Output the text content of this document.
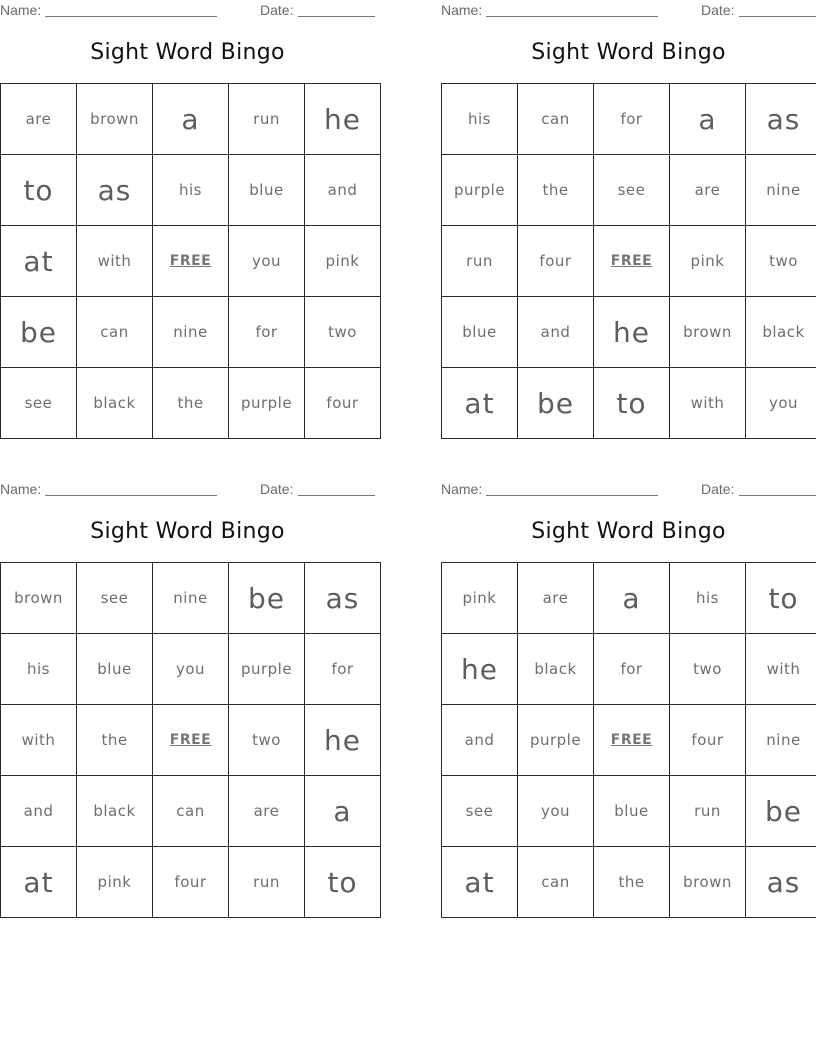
Name:	Date:
Sight Word Bingo
are	brown	a	run	he
to	as	his	blue	and
at	with	FREE	you	pink
be	can	nine	for	two
see	black	the	purple	four
Name:	Date:
Sight Word Bingo
his	can	for	a	as
purple	the	see	are	nine
run	four	FREE	pink	two
blue	and	he	brown	black
at	be	to	with	you
Name:	Date:
Sight Word Bingo
brown	see	nine	be	as
his	blue	you	purple	for
with	the	FREE	two	he
and	black	can	are	a
at	pink	four	run	to
Name:	Date:
Sight Word Bingo
pink	are	a	his	to
he	black	for	two	with
and	purple	FREE	four	nine
see	you	blue	run	be
at	can	the	brown	as
